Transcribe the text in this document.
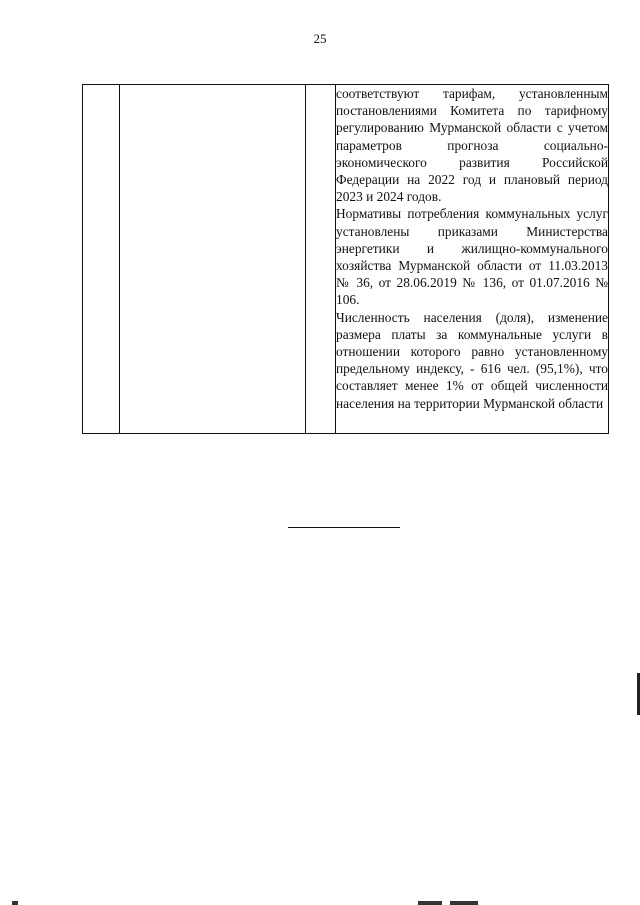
25

соответствуют тарифам, установленным постановлениями Комитета по тарифному регулированию Мурманской области с учетом параметров прогноза социально-экономического развития Российской Федерации на 2022 год и плановый период 2023 и 2024 годов.

Нормативы потребления коммунальных услуг установлены приказами Министерства энергетики и жилищно-коммунального хозяйства Мурманской области от 11.03.2013 № 36, от 28.06.2019 № 136, от 01.07.2016 № 106.

Численность населения (доля), изменение размера платы за коммунальные услуги в отношении которого равно установленному предельному индексу, - 616 чел. (95,1%), что составляет менее 1% от общей численности населения на территории Мурманской области
